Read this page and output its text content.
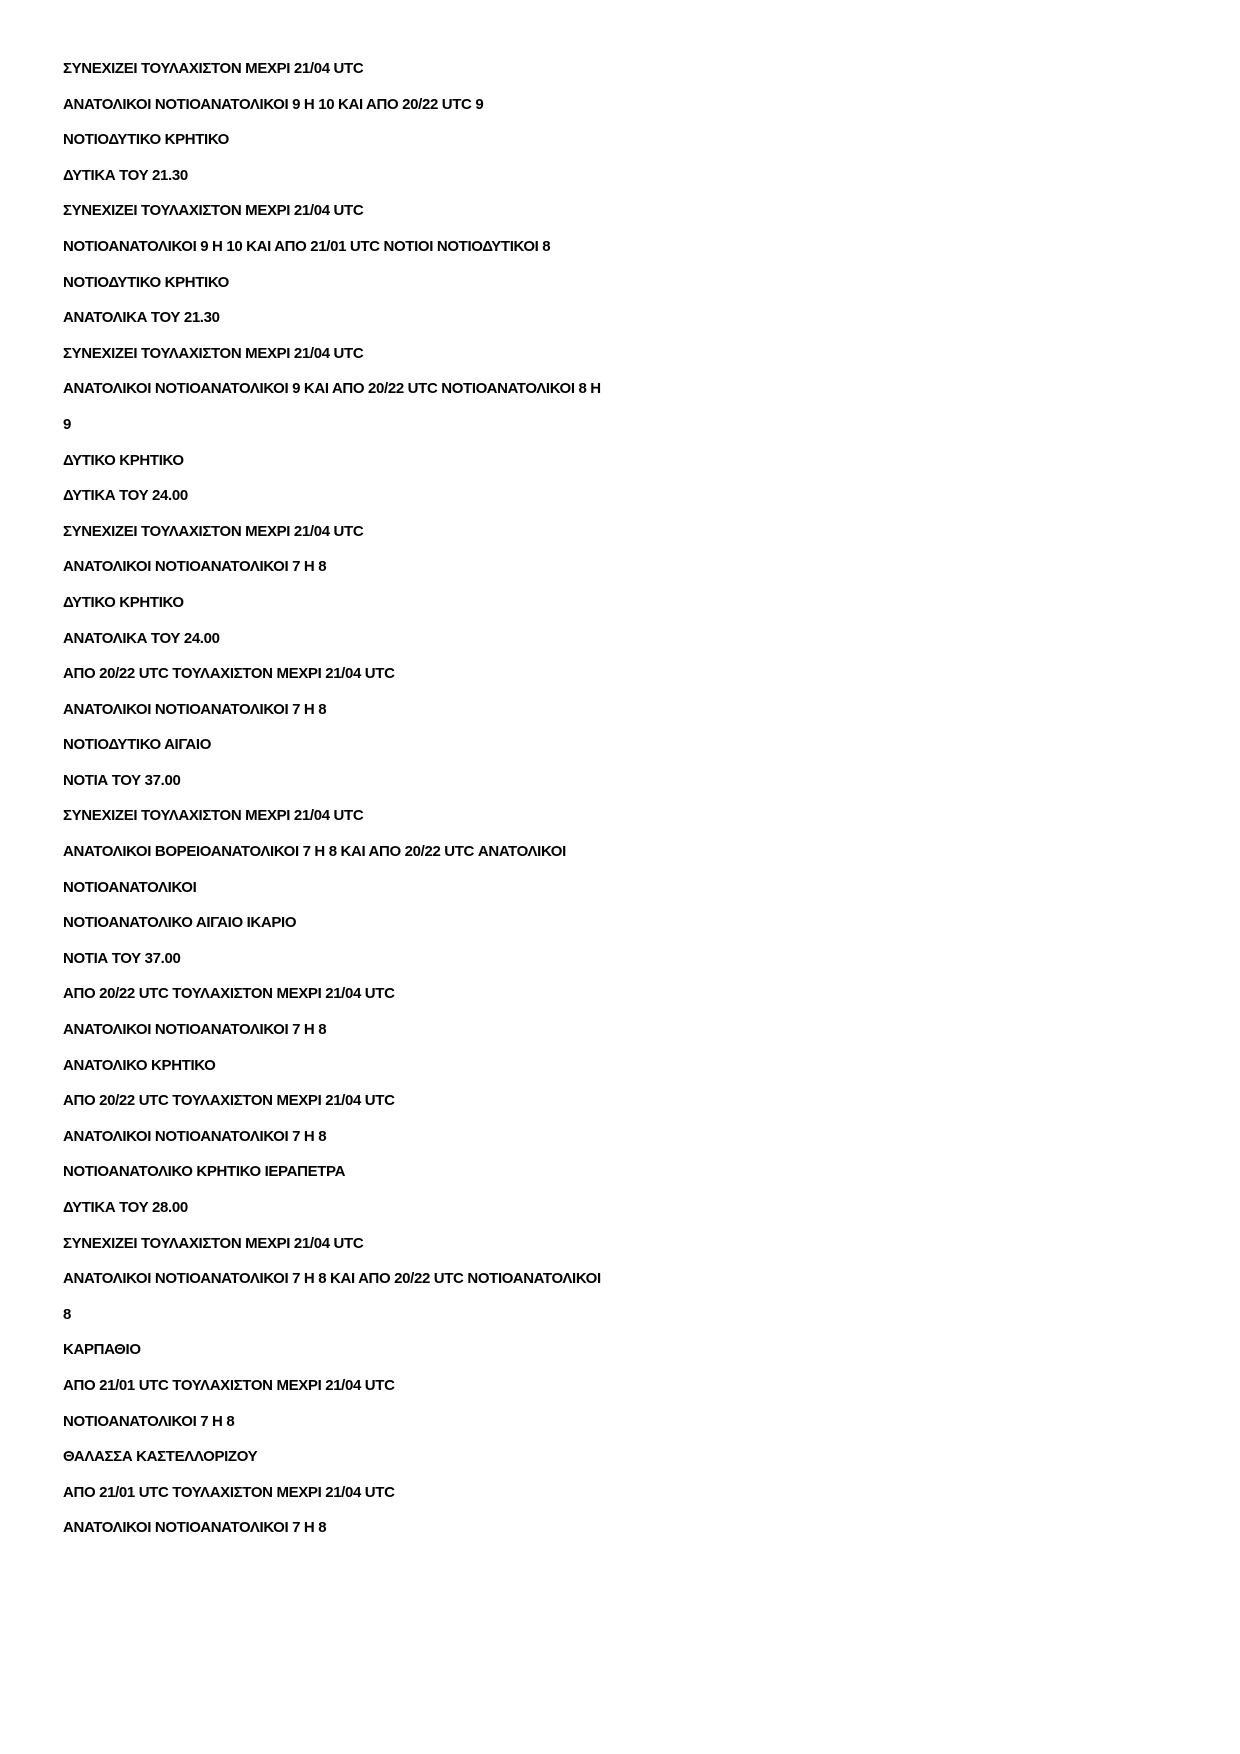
ΣΥΝΕΧΙΖΕΙ ΤΟΥΛΑΧΙΣΤΟΝ ΜΕΧΡΙ 21/04 UTC
ΑΝΑΤΟΛΙΚΟΙ ΝΟΤΙΟΑΝΑΤΟΛΙΚΟΙ 9 Η 10 ΚΑΙ ΑΠΟ 20/22 UTC 9
ΝΟΤΙΟΔΥΤΙΚΟ ΚΡΗΤΙΚΟ
ΔΥΤΙΚΑ ΤΟΥ 21.30
ΣΥΝΕΧΙΖΕΙ ΤΟΥΛΑΧΙΣΤΟΝ ΜΕΧΡΙ 21/04 UTC
ΝΟΤΙΟΑΝΑΤΟΛΙΚΟΙ 9 Η 10 ΚΑΙ ΑΠΟ 21/01 UTC ΝΟΤΙΟΙ ΝΟΤΙΟΔΥΤΙΚΟΙ 8
ΝΟΤΙΟΔΥΤΙΚΟ ΚΡΗΤΙΚΟ
ΑΝΑΤΟΛΙΚΑ ΤΟΥ 21.30
ΣΥΝΕΧΙΖΕΙ ΤΟΥΛΑΧΙΣΤΟΝ ΜΕΧΡΙ 21/04 UTC
ΑΝΑΤΟΛΙΚΟΙ ΝΟΤΙΟΑΝΑΤΟΛΙΚΟΙ 9 ΚΑΙ ΑΠΟ 20/22 UTC ΝΟΤΙΟΑΝΑΤΟΛΙΚΟΙ 8 Η
9
ΔΥΤΙΚΟ ΚΡΗΤΙΚΟ
ΔΥΤΙΚΑ ΤΟΥ 24.00
ΣΥΝΕΧΙΖΕΙ ΤΟΥΛΑΧΙΣΤΟΝ ΜΕΧΡΙ 21/04 UTC
ΑΝΑΤΟΛΙΚΟΙ ΝΟΤΙΟΑΝΑΤΟΛΙΚΟΙ 7 Η 8
ΔΥΤΙΚΟ ΚΡΗΤΙΚΟ
ΑΝΑΤΟΛΙΚΑ ΤΟΥ 24.00
ΑΠΟ 20/22 UTC ΤΟΥΛΑΧΙΣΤΟΝ ΜΕΧΡΙ 21/04 UTC
ΑΝΑΤΟΛΙΚΟΙ ΝΟΤΙΟΑΝΑΤΟΛΙΚΟΙ 7 Η 8
ΝΟΤΙΟΔΥΤΙΚΟ ΑΙΓΑΙΟ
ΝΟΤΙΑ ΤΟΥ 37.00
ΣΥΝΕΧΙΖΕΙ ΤΟΥΛΑΧΙΣΤΟΝ ΜΕΧΡΙ 21/04 UTC
ΑΝΑΤΟΛΙΚΟΙ ΒΟΡΕΙΟΑΝΑΤΟΛΙΚΟΙ 7 Η 8 ΚΑΙ ΑΠΟ 20/22 UTC ΑΝΑΤΟΛΙΚΟΙ
ΝΟΤΙΟΑΝΑΤΟΛΙΚΟΙ
ΝΟΤΙΟΑΝΑΤΟΛΙΚΟ ΑΙΓΑΙΟ ΙΚΑΡΙΟ
ΝΟΤΙΑ ΤΟΥ 37.00
ΑΠΟ 20/22 UTC ΤΟΥΛΑΧΙΣΤΟΝ ΜΕΧΡΙ 21/04 UTC
ΑΝΑΤΟΛΙΚΟΙ ΝΟΤΙΟΑΝΑΤΟΛΙΚΟΙ 7 Η 8
ΑΝΑΤΟΛΙΚΟ ΚΡΗΤΙΚΟ
ΑΠΟ 20/22 UTC ΤΟΥΛΑΧΙΣΤΟΝ ΜΕΧΡΙ 21/04 UTC
ΑΝΑΤΟΛΙΚΟΙ ΝΟΤΙΟΑΝΑΤΟΛΙΚΟΙ 7 Η 8
ΝΟΤΙΟΑΝΑΤΟΛΙΚΟ ΚΡΗΤΙΚΟ ΙΕΡΑΠΕΤΡΑ
ΔΥΤΙΚΑ ΤΟΥ 28.00
ΣΥΝΕΧΙΖΕΙ ΤΟΥΛΑΧΙΣΤΟΝ ΜΕΧΡΙ 21/04 UTC
ΑΝΑΤΟΛΙΚΟΙ ΝΟΤΙΟΑΝΑΤΟΛΙΚΟΙ 7 Η 8 ΚΑΙ ΑΠΟ 20/22 UTC ΝΟΤΙΟΑΝΑΤΟΛΙΚΟΙ
8
ΚΑΡΠΑΘΙΟ
ΑΠΟ 21/01 UTC ΤΟΥΛΑΧΙΣΤΟΝ ΜΕΧΡΙ 21/04 UTC
ΝΟΤΙΟΑΝΑΤΟΛΙΚΟΙ 7 Η 8
ΘΑΛΑΣΣΑ ΚΑΣΤΕΛΛΟΡΙΖΟΥ
ΑΠΟ 21/01 UTC ΤΟΥΛΑΧΙΣΤΟΝ ΜΕΧΡΙ 21/04 UTC
ΑΝΑΤΟΛΙΚΟΙ ΝΟΤΙΟΑΝΑΤΟΛΙΚΟΙ 7 Η 8
